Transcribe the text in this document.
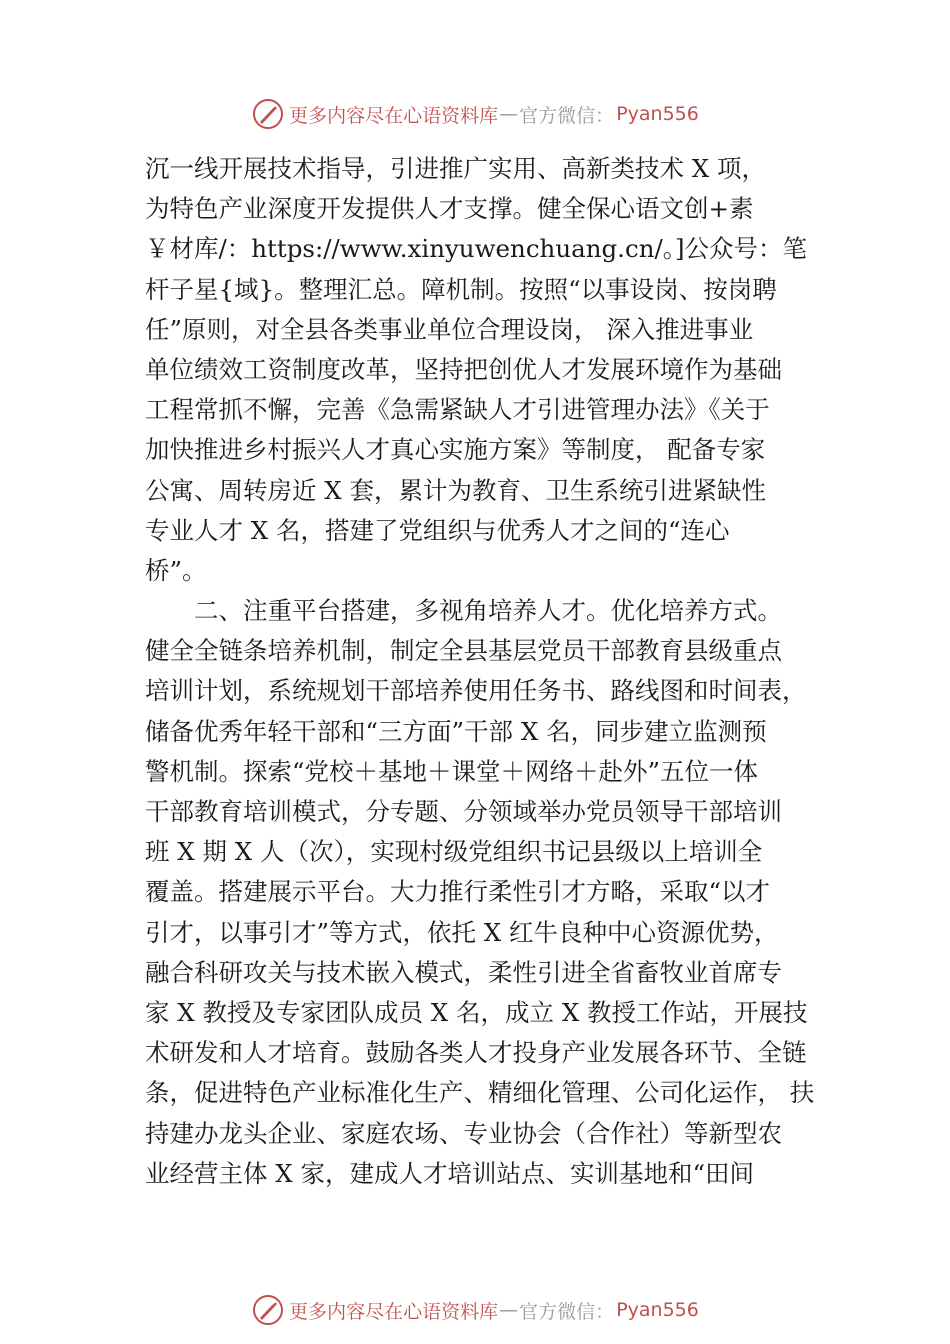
更多内容尽在心语资料库 — 官方微信： Pyan556
沉一线开展技术指导，引进推广实用、高新类技术 X 项，
为特色产业深度开发提供人才支撑。健全保心语文创+素
￥材库/：https://www.xinyuwenchuang.cn/。]公众号：笔
杆子星{域}。整理汇总。障机制。按照“以事设岗、按岗聘
任”原则，对全县各类事业单位合理设岗， 深入推进事业
单位绩效工资制度改革，坚持把创优人才发展环境作为基础
工程常抓不懈，完善《急需紧缺人才引进管理办法》《关于
加快推进乡村振兴人才真心实施方案》等制度， 配备专家
公寓、周转房近 X 套，累计为教育、卫生系统引进紧缺性
专业人才 X 名，搭建了党组织与优秀人才之间的“连心
桥”。
二、注重平台搭建，多视角培养人才。优化培养方式。
健全全链条培养机制，制定全县基层党员干部教育县级重点
培训计划，系统规划干部培养使用任务书、路线图和时间表，
储备优秀年轻干部和“三方面”干部 X 名，同步建立监测预
警机制。探索“党校＋基地＋课堂＋网络＋赴外”五位一体
干部教育培训模式，分专题、分领域举办党员领导干部培训
班 X 期 X 人（次），实现村级党组织书记县级以上培训全
覆盖。搭建展示平台。大力推行柔性引才方略，采取“以才
引才，以事引才”等方式，依托 X 红牛良种中心资源优势，
融合科研攻关与技术嵌入模式，柔性引进全省畜牧业首席专
家 X 教授及专家团队成员 X 名，成立 X 教授工作站，开展技
术研发和人才培育。鼓励各类人才投身产业发展各环节、全链
条，促进特色产业标准化生产、精细化管理、公司化运作， 扶
持建办龙头企业、家庭农场、专业协会（合作社）等新型农
业经营主体 X 家，建成人才培训站点、实训基地和“田间
更多内容尽在心语资料库 — 官方微信： Pyan556
